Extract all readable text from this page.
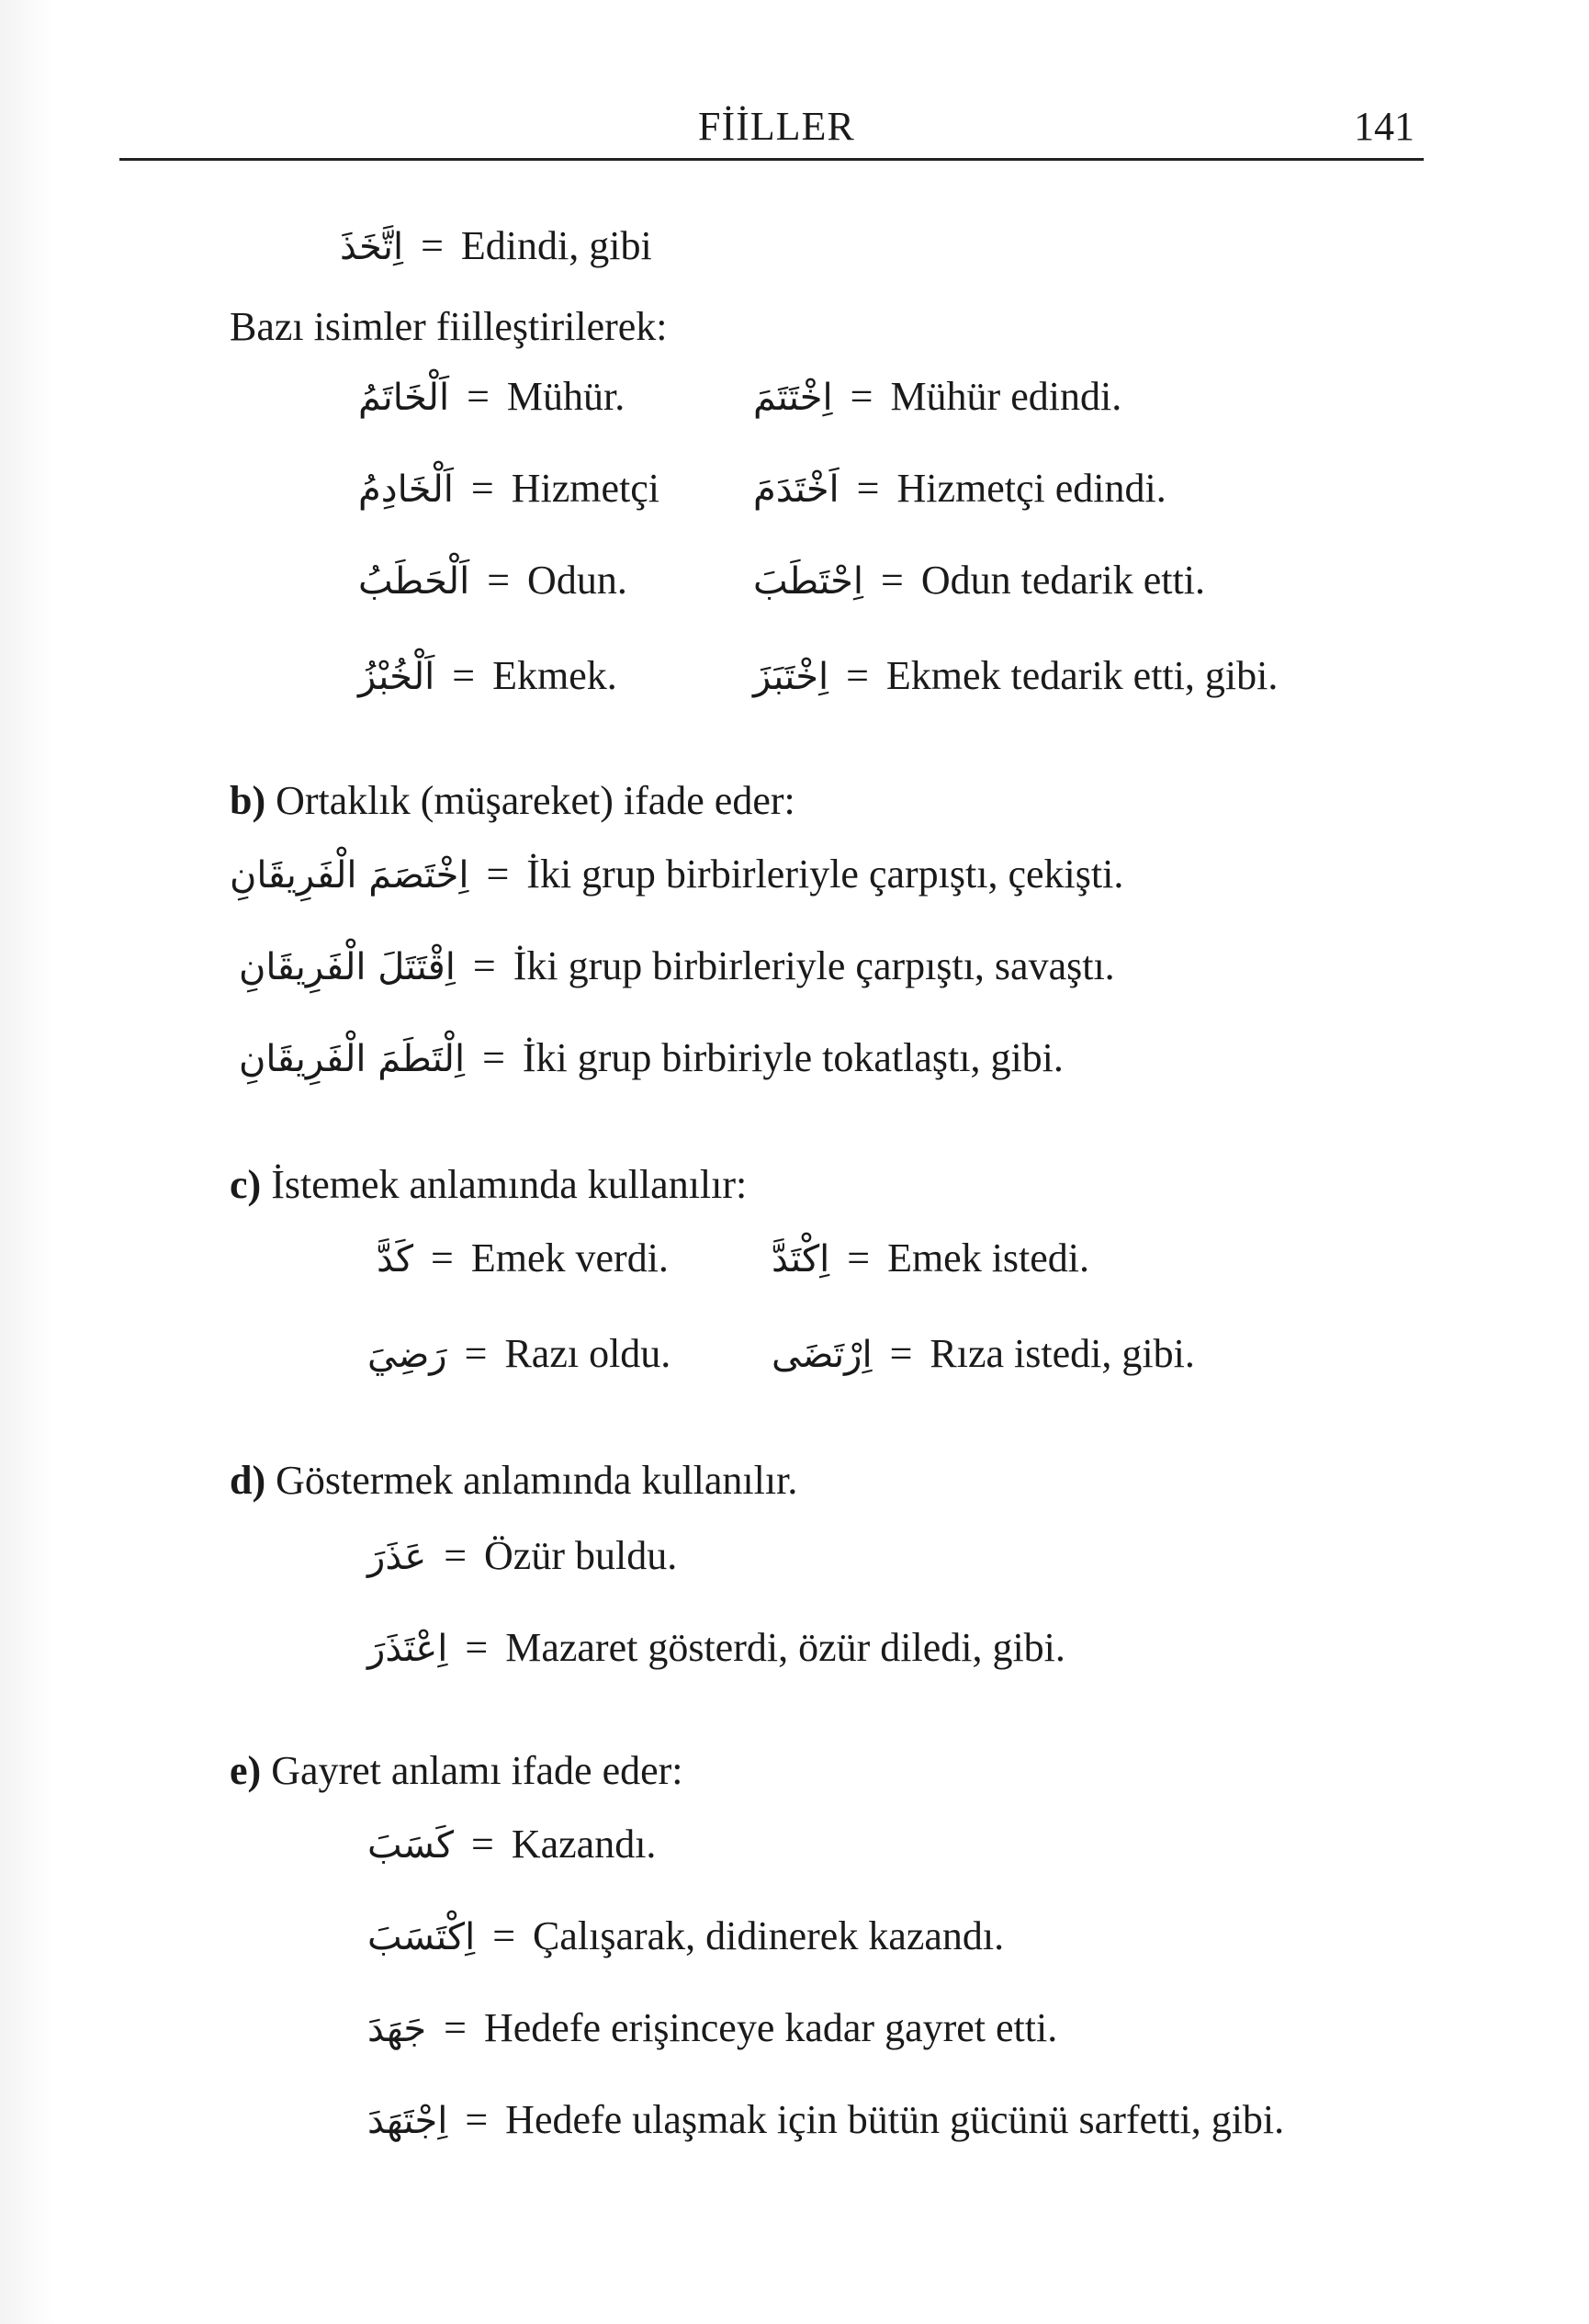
FİİLLER	141
اِتَّخَذَ = Edindi, gibi
Bazı isimler fiilleştirilerek:
اَلْخَاتَمُ = Mühür.	اِخْتَتَمَ = Mühür edindi.
اَلْخَادِمُ = Hizmetçi	اَخْتَدَمَ = Hizmetçi edindi.
اَلْحَطَبُ = Odun.	اِحْتَطَبَ = Odun tedarik etti.
اَلْخُبْزُ = Ekmek.	اِخْتَبَزَ = Ekmek tedarik etti, gibi.
b) Ortaklık (müşareket) ifade eder:
اِخْتَصَمَ الْفَرِيقَانِ = İki grup birbirleriyle çarpıştı, çekişti.
اِقْتَتَلَ الْفَرِيقَانِ = İki grup birbirleriyle çarpıştı, savaştı.
اِلْتَطَمَ الْفَرِيقَانِ = İki grup birbiriyle tokatlaştı, gibi.
c) İstemek anlamında kullanılır:
كَدَّ = Emek verdi.	اِكْتَدَّ = Emek istedi.
رَضِيَ = Razı oldu.	اِرْتَضَى = Rıza istedi, gibi.
d) Göstermek anlamında kullanılır.
عَذَرَ = Özür buldu.
اِعْتَذَرَ = Mazaret gösterdi, özür diledi, gibi.
e) Gayret anlamı ifade eder:
كَسَبَ = Kazandı.
اِكْتَسَبَ = Çalışarak, didinerek kazandı.
جَهَدَ = Hedefe erişinceye kadar gayret etti.
اِجْتَهَدَ = Hedefe ulaşmak için bütün gücünü sarfetti, gibi.
